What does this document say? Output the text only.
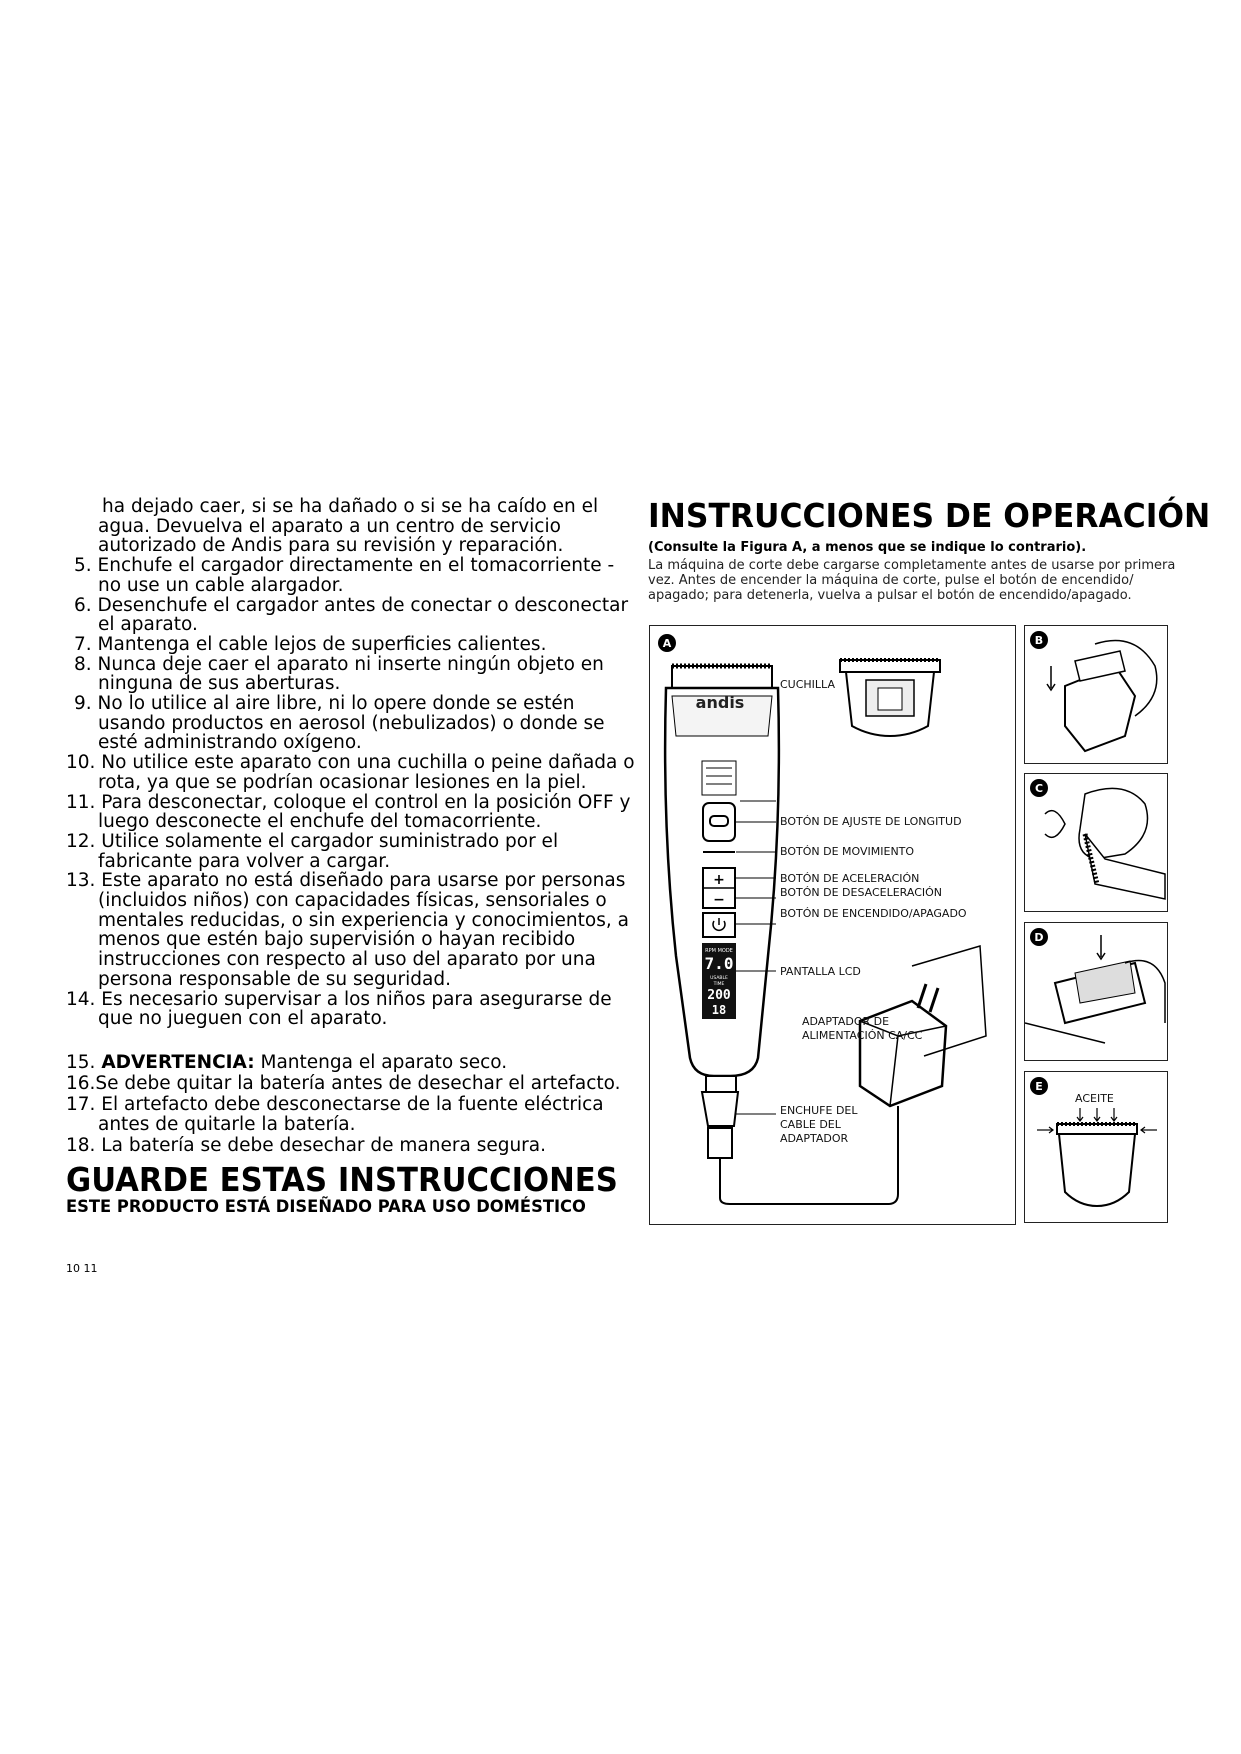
ha dejado caer, si se ha dañado o si se ha caído en el
agua. Devuelva el aparato a un centro de servicio
autorizado de Andis para su revisión y reparación.
5. Enchufe el cargador directamente en el tomacorriente -
no use un cable alargador.
6. Desenchufe el cargador antes de conectar o desconectar
el aparato.
7. Mantenga el cable lejos de superficies calientes.
8. Nunca deje caer el aparato ni inserte ningún objeto en
ninguna de sus aberturas.
9. No lo utilice al aire libre, ni lo opere donde se estén
usando productos en aerosol (nebulizados) o donde se
esté administrando oxígeno.
10. No utilice este aparato con una cuchilla o peine dañada o
rota, ya que se podrían ocasionar lesiones en la piel.
11. Para desconectar, coloque el control en la posición OFF y
luego desconecte el enchufe del tomacorriente.
12. Utilice solamente el cargador suministrado por el
fabricante para volver a cargar.
13. Este aparato no está diseñado para usarse por personas
(incluidos niños) con capacidades físicas, sensoriales o
mentales reducidas, o sin experiencia y conocimientos, a
menos que estén bajo supervisión o hayan recibido
instrucciones con respecto al uso del aparato por una
persona responsable de su seguridad.
14. Es necesario supervisar a los niños para asegurarse de
que no jueguen con el aparato.
15. ADVERTENCIA: Mantenga el aparato seco.
16.Se debe quitar la batería antes de desechar el artefacto.
17. El artefacto debe desconectarse de la fuente eléctrica
antes de quitarle la batería.
18. La batería se debe desechar de manera segura.
GUARDE ESTAS INSTRUCCIONES
ESTE PRODUCTO ESTÁ DISEÑADO PARA USO DOMÉSTICO
10 11
INSTRUCCIONES DE OPERACIÓN
(Consulte la Figura A, a menos que se indique lo contrario).
La máquina de corte debe cargarse completamente antes de usarse por primera
vez. Antes de encender la máquina de corte, pulse el botón de encendido/
apagado; para detenerla, vuelva a pulsar el botón de encendido/apagado.
A
andis
+
−
RPM MODE
7.0
USABLE
TIME
200
18
CUCHILLA
BOTÓN DE AJUSTE DE LONGITUD
BOTÓN DE MOVIMIENTO
BOTÓN DE ACELERACIÓN
BOTÓN DE DESACELERACIÓN
BOTÓN DE ENCENDIDO/APAGADO
PANTALLA LCD
ADAPTADOR DE
ALIMENTACIÓN CA/CC
ENCHUFE DEL
CABLE DEL
ADAPTADOR
B
C
D
E
ACEITE
